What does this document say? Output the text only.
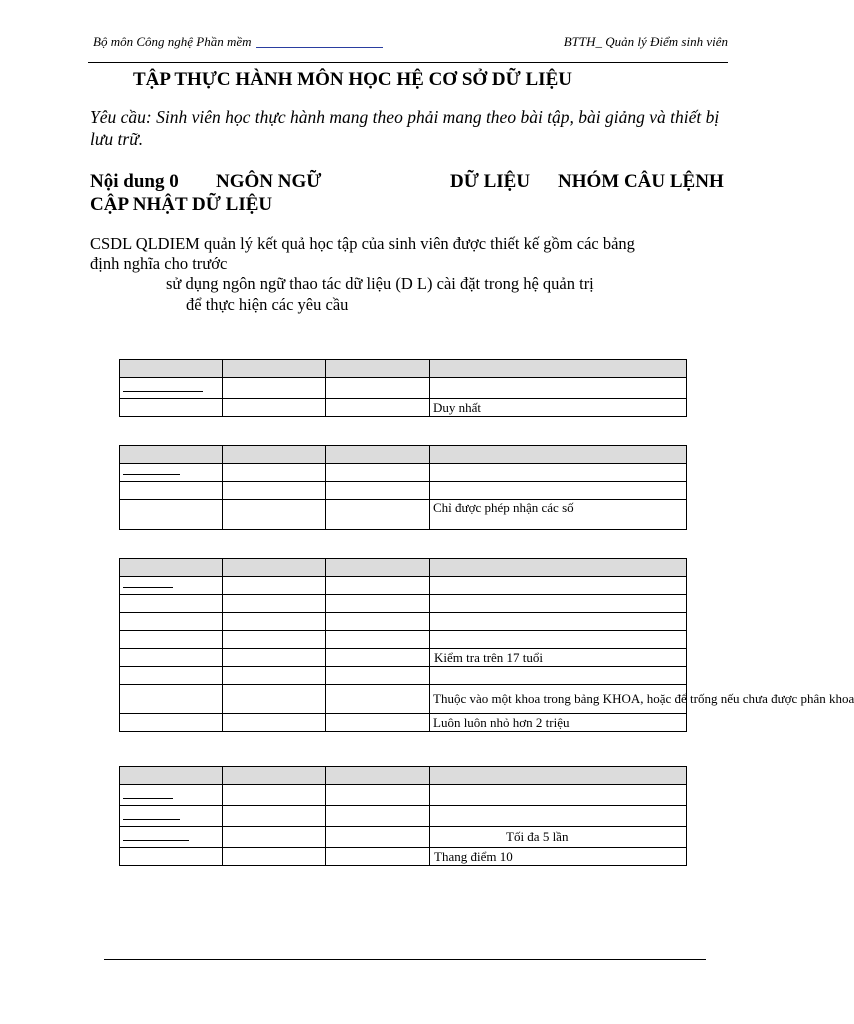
Bộ môn Công nghệ Phần mềm	BTTH_ Quản lý Điểm sinh viên
TẬP THỰC HÀNH MÔN HỌC HỆ CƠ SỞ DỮ LIỆU
Yêu cầu: Sinh viên học thực hành mang theo phải mang theo bài tập, bài giảng và thiết bị lưu trữ.
Nội dung 0 NGÔN NGỮ	DỮ LIỆU NHÓM CÂU LỆNH
CẬP NHẬT DỮ LIỆU
CSDL QLDIEM quản lý kết quả học tập của sinh viên được thiết kế gồm các bảng
định nghĩa cho trước
sử dụng ngôn ngữ thao tác dữ liệu (D L) cài đặt trong hệ quản trị
để thực hiện các yêu cầu

			Duy nhất

			Chỉ được phép nhận các số

			Kiểm tra trên 17 tuổi

			Thuộc vào một khoa trong bảng KHOA, hoặc để trống nếu chưa được phân khoa
			Luôn luôn nhỏ hơn 2 triệu

			Tối đa 5 lần
			Thang điểm 10
